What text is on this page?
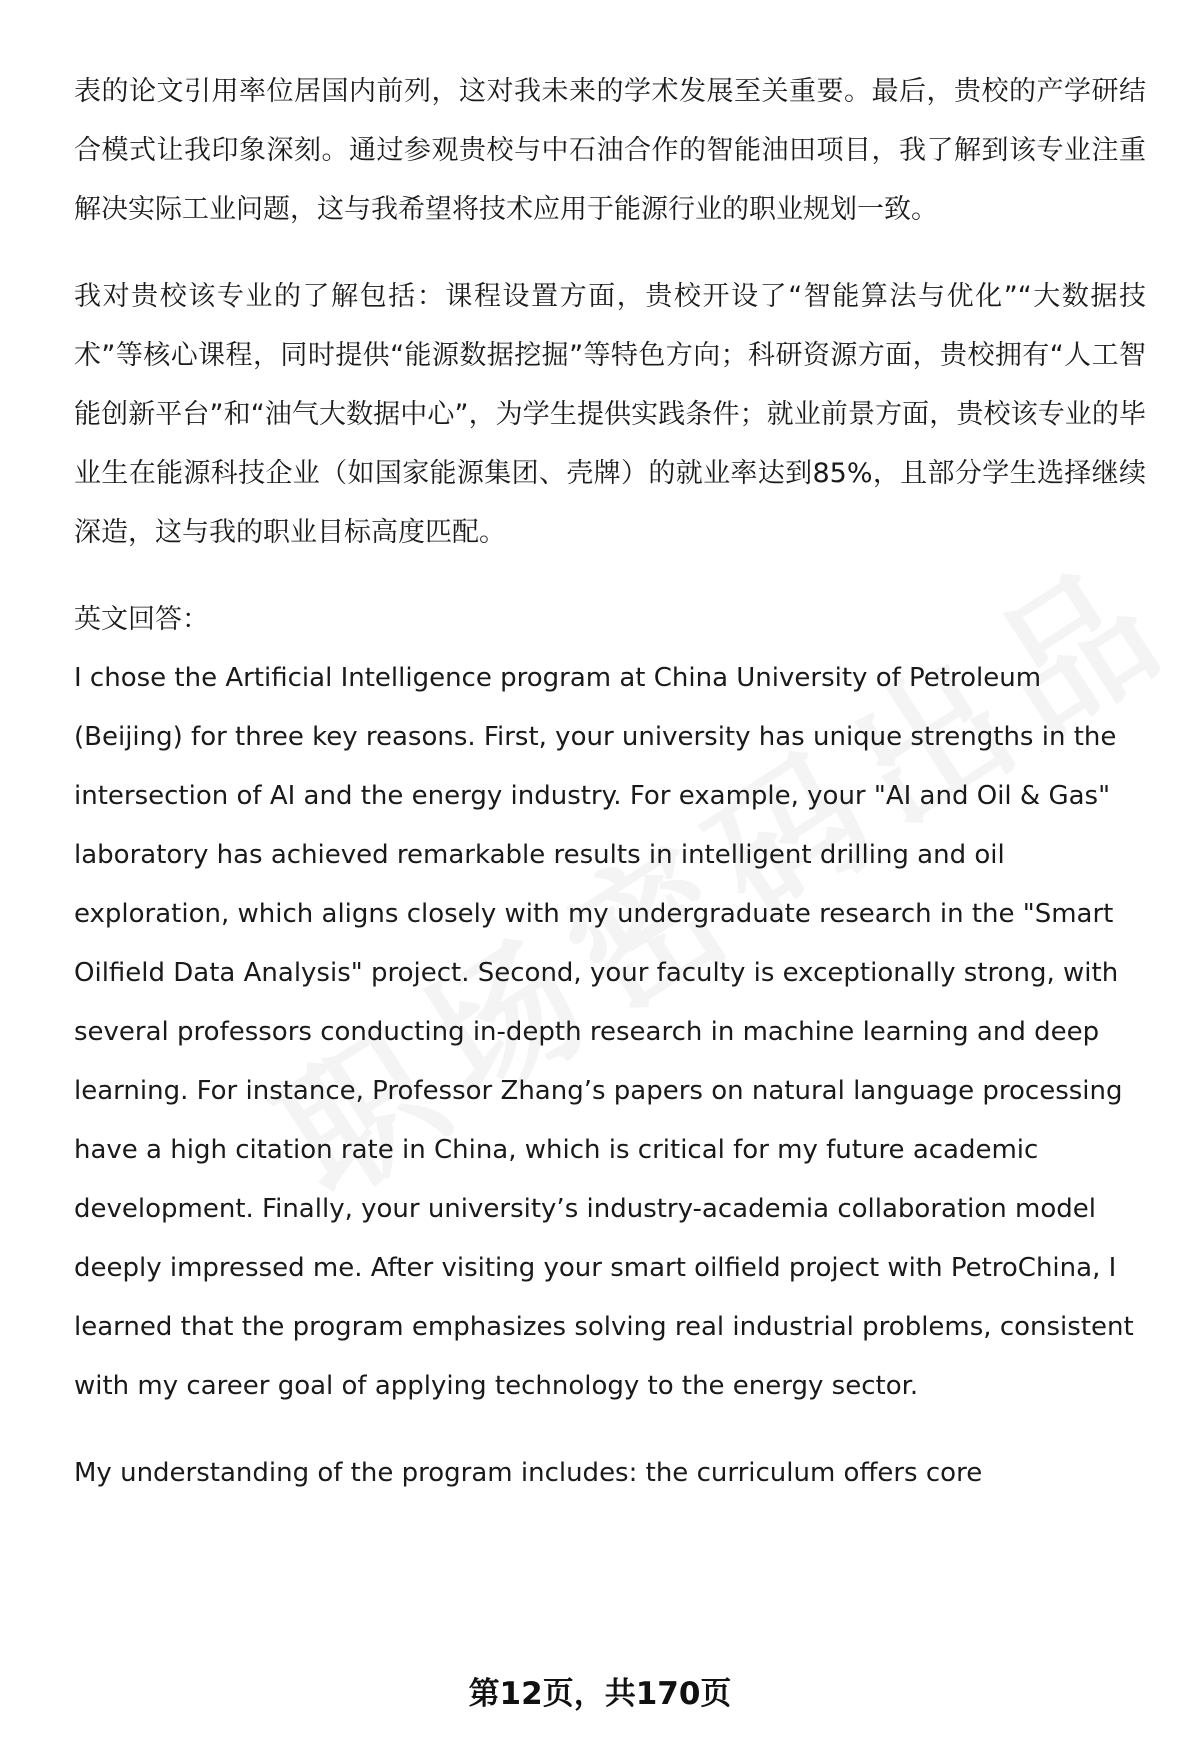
表的论文引用率位居国内前列，这对我未来的学术发展至关重要。最后，贵校的产学研结合模式让我印象深刻。通过参观贵校与中石油合作的智能油田项目，我了解到该专业注重解决实际工业问题，这与我希望将技术应用于能源行业的职业规划一致。

我对贵校该专业的了解包括：课程设置方面，贵校开设了“智能算法与优化”“大数据技术”等核心课程，同时提供“能源数据挖掘”等特色方向；科研资源方面，贵校拥有“人工智能创新平台”和“油气大数据中心”，为学生提供实践条件；就业前景方面，贵校该专业的毕业生在能源科技企业（如国家能源集团、壳牌）的就业率达到85%，且部分学生选择继续深造，这与我的职业目标高度匹配。

英文回答：

I chose the Artificial Intelligence program at China University of Petroleum (Beijing) for three key reasons. First, your university has unique strengths in the intersection of AI and the energy industry. For example, your "AI and Oil & Gas" laboratory has achieved remarkable results in intelligent drilling and oil exploration, which aligns closely with my undergraduate research in the "Smart Oilfield Data Analysis" project. Second, your faculty is exceptionally strong, with several professors conducting in-depth research in machine learning and deep learning. For instance, Professor Zhang’s papers on natural language processing have a high citation rate in China, which is critical for my future academic development. Finally, your university’s industry-academia collaboration model deeply impressed me. After visiting your smart oilfield project with PetroChina, I learned that the program emphasizes solving real industrial problems, consistent with my career goal of applying technology to the energy sector.

My understanding of the program includes: the curriculum offers core

第12页，共170页
